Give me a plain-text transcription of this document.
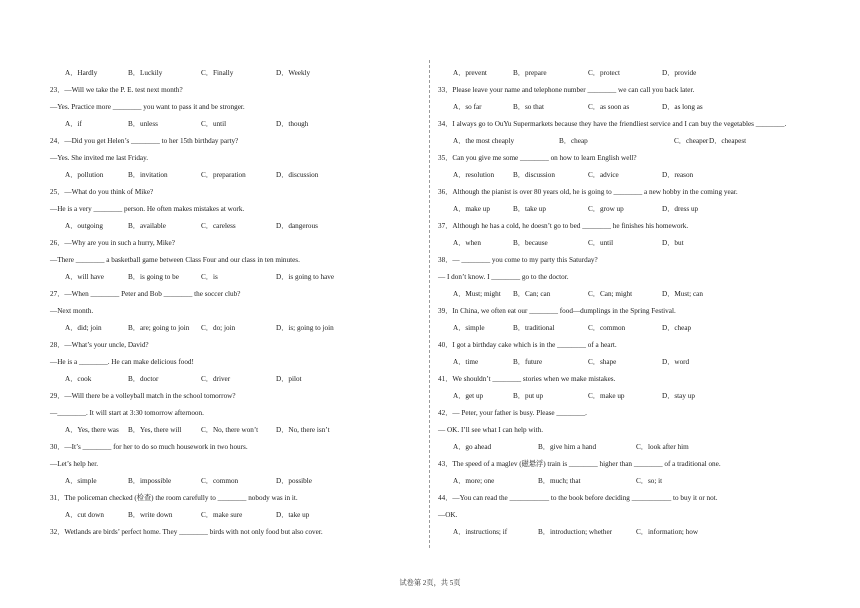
A．Hardly	B．Luckily	C．Finally	D．Weekly
23．—Will we take the P. E. test next month?
—Yes. Practice more ________ you want to pass it and be stronger.
A．if	B．unless	C．until	D．though
24．—Did you get Helen’s ________ to her 15th birthday party?
—Yes. She invited me last Friday.
A．pollution	B．invitation	C．preparation	D．discussion
25．—What do you think of Mike?
—He is a very ________ person. He often makes mistakes at work.
A．outgoing	B．available	C．careless	D．dangerous
26．—Why are you in such a hurry, Mike?
—There ________ a basketball game between Class Four and our class in ten minutes.
A．will have	B．is going to be	C．is	D．is going to have
27．—When ________ Peter and Bob ________ the soccer club?
—Next month.
A．did; join	B．are; going to join C．do; join	D．is; going to join
28．—What’s your uncle, David?
—He is a ________. He can make delicious food!
A．cook	B．doctor	C．driver	D．pilot
29．—Will there be a volleyball match in the school tomorrow?
—________. It will start at 3:30 tomorrow afternoon.
A．Yes, there was B．Yes, there will	C．No, there won’t D．No, there isn’t
30．—It’s ________ for her to do so much housework in two hours.
—Let’s help her.
A．simple	B．impossible	C．common	D．possible
31．The policeman checked (检查) the room carefully to ________ nobody was in it.
A．cut down	B．write down	C．make sure	D．take up
32．Wetlands are birds’ perfect home. They ________ birds with not only food but also cover.
A．prevent	B．prepare	C．protect	D．provide
33．Please leave your name and telephone number ________ we can call you back later.
A．so far	B．so that	C．as soon as	D．as long as
34．I always go to OuYu Supermarkets because they have the friendliest service and I can buy the vegetables ________.
A．the most cheaply	B．cheap	C．cheaper D．cheapest
35．Can you give me some ________ on how to learn English well?
A．resolution	B．discussion	C．advice	D．reason
36．Although the pianist is over 80 years old, he is going to ________ a new hobby in the coming year.
A．make up	B．take up	C．grow up	D．dress up
37．Although he has a cold, he doesn’t go to bed ________ he finishes his homework.
A．when	B．because	C．until	D．but
38．— ________ you come to my party this Saturday?
— I don’t know. I ________ go to the doctor.
A．Must; might B．Can; can	C．Can; might	D．Must; can
39．In China, we often eat our ________ food—dumplings in the Spring Festival.
A．simple	B．traditional	C．common	D．cheap
40．I got a birthday cake which is in the ________ of a heart.
A．time	B．future	C．shape	D．word
41．We shouldn’t ________ stories when we make mistakes.
A．get up	B．put up	C．make up	D．stay up
42．— Peter, your father is busy. Please ________.
— OK. I’ll see what I can help with.
A．go ahead	B．give him a hand	C．look after him
43．The speed of a maglev (磁悬浮) train is ________ higher than ________ of a traditional one.
A．more; one	B．much; that	C．so; it
44．—You can read the ___________ to the book before deciding ___________ to buy it or not.
—OK.
A．instructions; if	B．introduction; whether	C．information; how
试卷第 2页，共 5页
